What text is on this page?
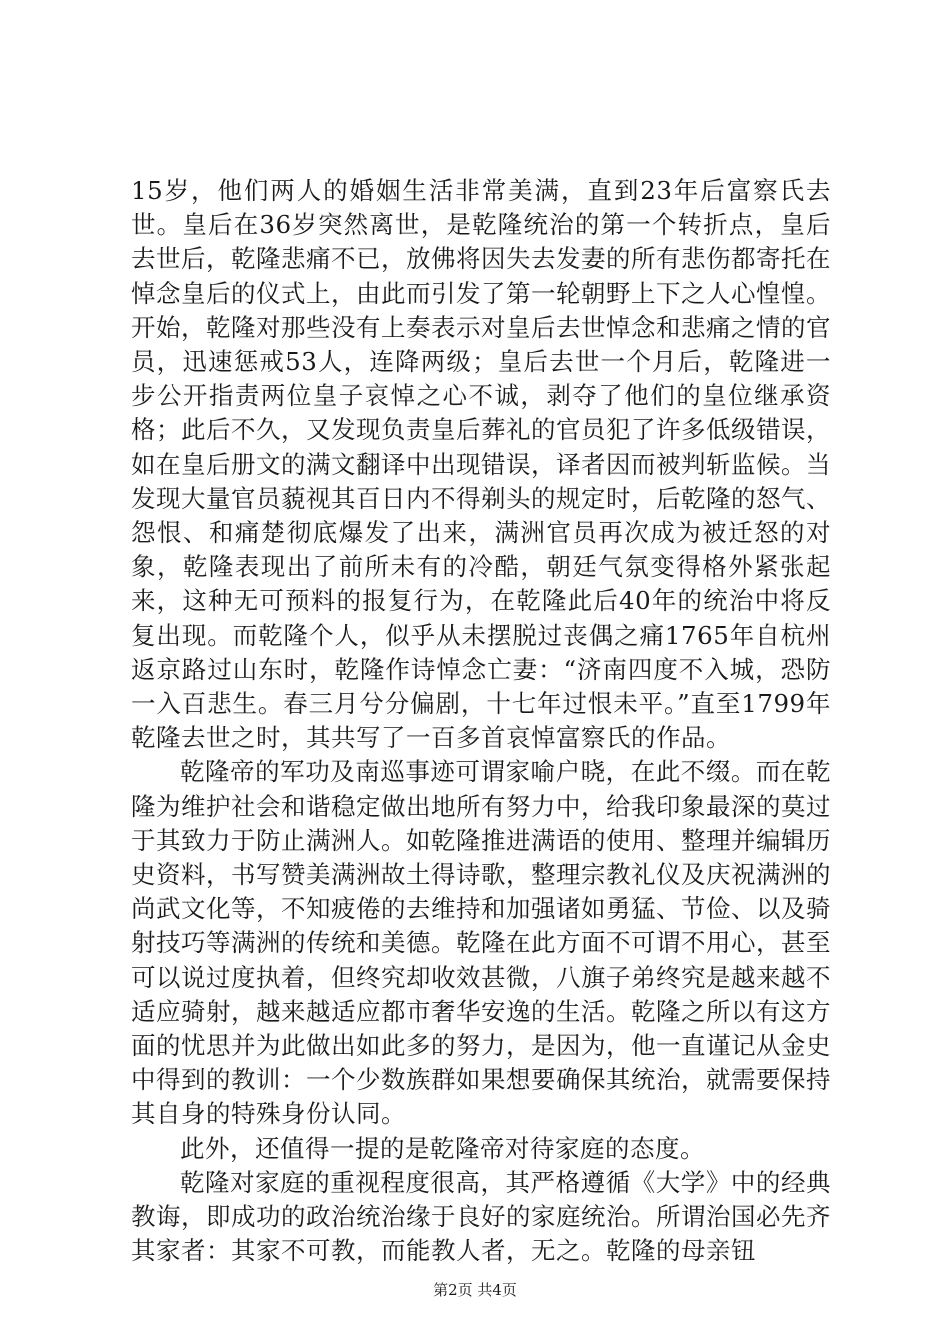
15岁，他们两人的婚姻生活非常美满，直到23年后富察氏去世。皇后在36岁突然离世，是乾隆统治的第一个转折点，皇后去世后，乾隆悲痛不已，放佛将因失去发妻的所有悲伤都寄托在悼念皇后的仪式上，由此而引发了第一轮朝野上下之人心惶惶。开始，乾隆对那些没有上奏表示对皇后去世悼念和悲痛之情的官员，迅速惩戒53人，连降两级；皇后去世一个月后，乾隆进一步公开指责两位皇子哀悼之心不诚，剥夺了他们的皇位继承资格；此后不久，又发现负责皇后葬礼的官员犯了许多低级错误，如在皇后册文的满文翻译中出现错误，译者因而被判斩监候。当发现大量官员藐视其百日内不得剃头的规定时，后乾隆的怒气、怨恨、和痛楚彻底爆发了出来，满洲官员再次成为被迁怒的对象，乾隆表现出了前所未有的冷酷，朝廷气氛变得格外紧张起来，这种无可预料的报复行为，在乾隆此后40年的统治中将反复出现。而乾隆个人，似乎从未摆脱过丧偶之痛1765年自杭州返京路过山东时，乾隆作诗悼念亡妻：“济南四度不入城，恐防一入百悲生。春三月兮分偏剧，十七年过恨未平。”直至1799年乾隆去世之时，其共写了一百多首哀悼富察氏的作品。

乾隆帝的军功及南巡事迹可谓家喻户晓，在此不缀。而在乾隆为维护社会和谐稳定做出地所有努力中，给我印象最深的莫过于其致力于防止满洲人。如乾隆推进满语的使用、整理并编辑历史资料，书写赞美满洲故土得诗歌，整理宗教礼仪及庆祝满洲的尚武文化等，不知疲倦的去维持和加强诸如勇猛、节俭、以及骑射技巧等满洲的传统和美德。乾隆在此方面不可谓不用心，甚至可以说过度执着，但终究却收效甚微，八旗子弟终究是越来越不适应骑射，越来越适应都市奢华安逸的生活。乾隆之所以有这方面的忧思并为此做出如此多的努力，是因为，他一直谨记从金史中得到的教训：一个少数族群如果想要确保其统治，就需要保持其自身的特殊身份认同。

此外，还值得一提的是乾隆帝对待家庭的态度。

乾隆对家庭的重视程度很高，其严格遵循《大学》中的经典教诲，即成功的政治统治缘于良好的家庭统治。所谓治国必先齐其家者：其家不可教，而能教人者，无之。乾隆的母亲钮

第2页 共4页
